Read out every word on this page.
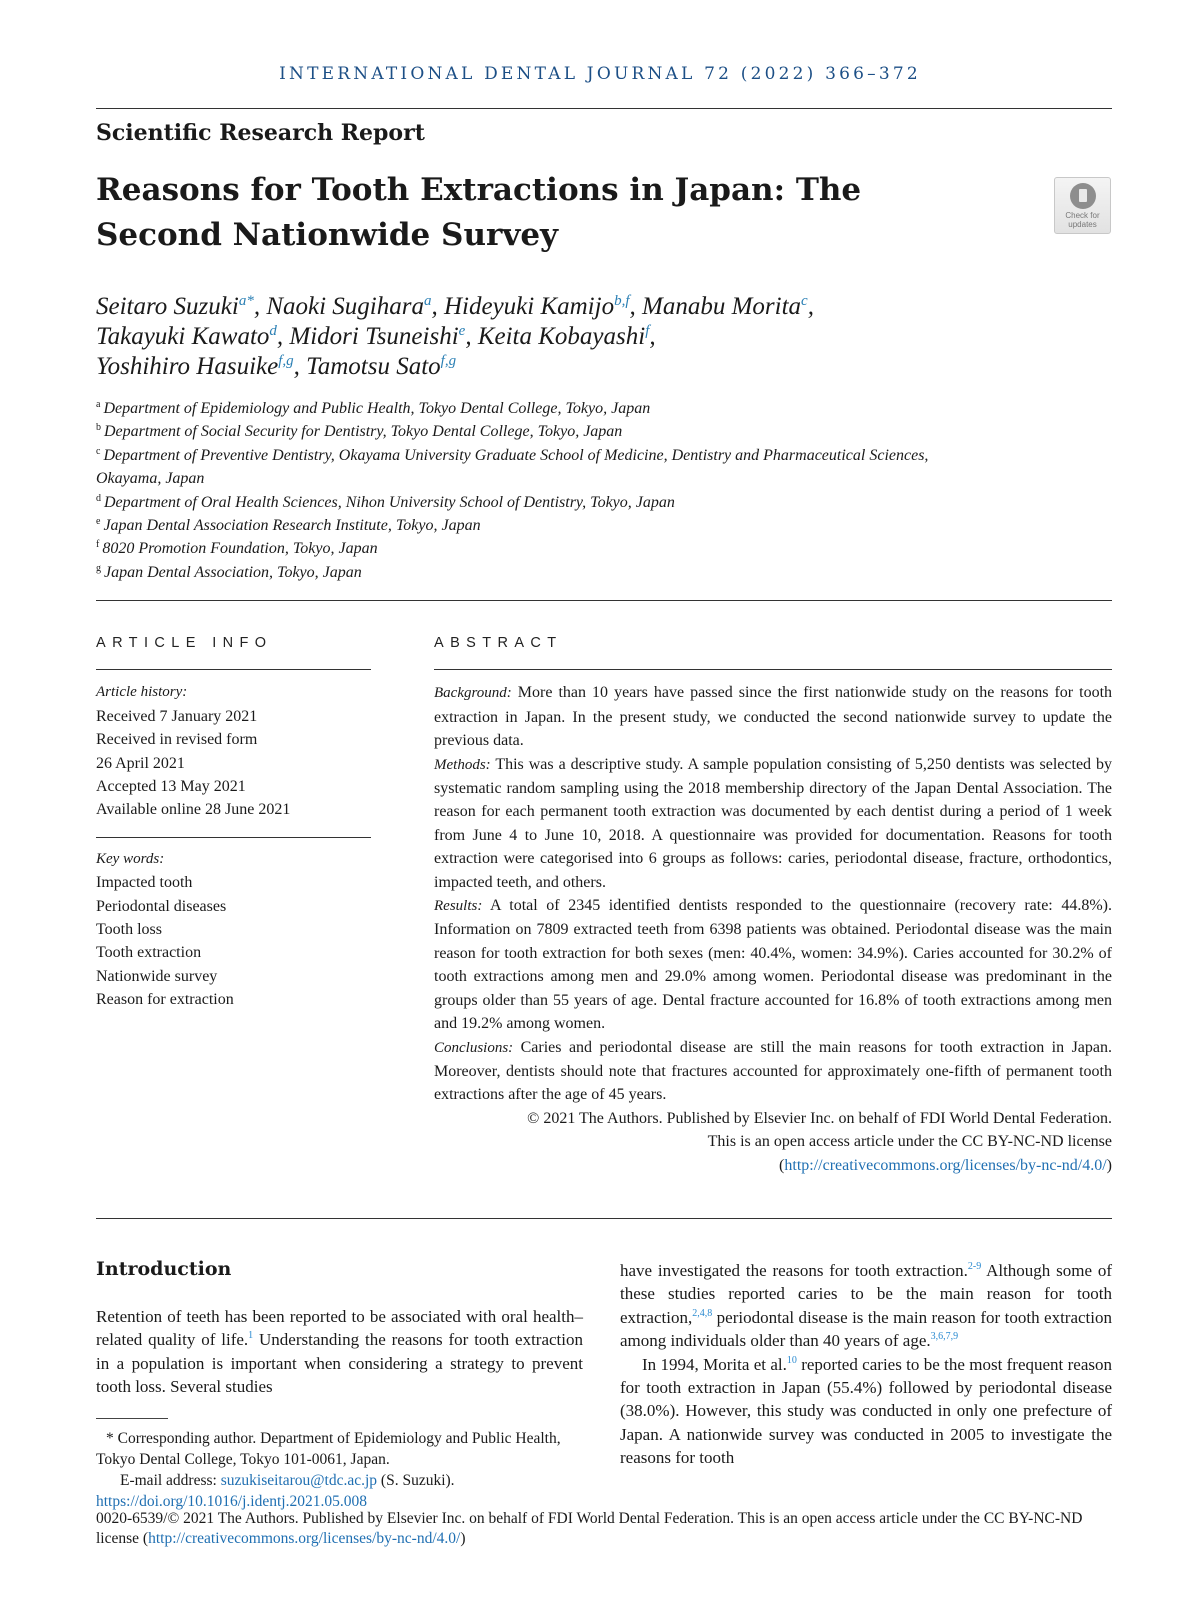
INTERNATIONAL DENTAL JOURNAL 72 (2022) 366–372
Scientific Research Report
Reasons for Tooth Extractions in Japan: The Second Nationwide Survey
Check for updates
Seitaro Suzuki$^{a*}$, Naoki Sugihara$^a$, Hideyuki Kamijo$^{b,f}$, Manabu Morita$^c$,
Takayuki Kawato$^d$, Midori Tsuneishi$^e$, Keita Kobayashi$^f$,
Yoshihiro Hasuike$^{f,g}$, Tamotsu Sato$^{f,g}$
$^a$ Department of Epidemiology and Public Health, Tokyo Dental College, Tokyo, Japan
$^b$ Department of Social Security for Dentistry, Tokyo Dental College, Tokyo, Japan
$^c$ Department of Preventive Dentistry, Okayama University Graduate School of Medicine, Dentistry and Pharmaceutical Sciences, Okayama, Japan
$^d$ Department of Oral Health Sciences, Nihon University School of Dentistry, Tokyo, Japan
$^e$ Japan Dental Association Research Institute, Tokyo, Japan
$^f$ 8020 Promotion Foundation, Tokyo, Japan
$^g$ Japan Dental Association, Tokyo, Japan
ARTICLE INFO
Article history:
Received 7 January 2021
Received in revised form
26 April 2021
Accepted 13 May 2021
Available online 28 June 2021
Key words:
Impacted tooth
Periodontal diseases
Tooth loss
Tooth extraction
Nationwide survey
Reason for extraction
ABSTRACT
Background: More than 10 years have passed since the first nationwide study on the reasons for tooth extraction in Japan. In the present study, we conducted the second nationwide survey to update the previous data.
Methods: This was a descriptive study. A sample population consisting of 5,250 dentists was selected by systematic random sampling using the 2018 membership directory of the Japan Dental Association. The reason for each permanent tooth extraction was documented by each dentist during a period of 1 week from June 4 to June 10, 2018. A questionnaire was provided for documentation. Reasons for tooth extraction were categorised into 6 groups as follows: caries, periodontal disease, fracture, orthodontics, impacted teeth, and others.
Results: A total of 2345 identified dentists responded to the questionnaire (recovery rate: 44.8%). Information on 7809 extracted teeth from 6398 patients was obtained. Periodontal disease was the main reason for tooth extraction for both sexes (men: 40.4%, women: 34.9%). Caries accounted for 30.2% of tooth extractions among men and 29.0% among women. Periodontal disease was predominant in the groups older than 55 years of age. Dental fracture accounted for 16.8% of tooth extractions among men and 19.2% among women.
Conclusions: Caries and periodontal disease are still the main reasons for tooth extraction in Japan. Moreover, dentists should note that fractures accounted for approximately one-fifth of permanent tooth extractions after the age of 45 years.
© 2021 The Authors. Published by Elsevier Inc. on behalf of FDI World Dental Federation.
This is an open access article under the CC BY-NC-ND license
(http://creativecommons.org/licenses/by-nc-nd/4.0/)
Introduction

Retention of teeth has been reported to be associated with oral health–related quality of life.$^1$ Understanding the reasons for tooth extraction in a population is important when considering a strategy to prevent tooth loss. Several studies

have investigated the reasons for tooth extraction.$^{2-9}$ Although some of these studies reported caries to be the main reason for tooth extraction,$^{2,4,8}$ periodontal disease is the main reason for tooth extraction among individuals older than 40 years of age.$^{3,6,7,9}$

In 1994, Morita et al.$^{10}$ reported caries to be the most frequent reason for tooth extraction in Japan (55.4%) followed by periodontal disease (38.0%). However, this study was conducted in only one prefecture of Japan. A nationwide survey was conducted in 2005 to investigate the reasons for tooth

* Corresponding author. Department of Epidemiology and Public Health, Tokyo Dental College, Tokyo 101-0061, Japan.
E-mail address: suzukiseitarou@tdc.ac.jp (S. Suzuki).
https://doi.org/10.1016/j.identj.2021.05.008
0020-6539/© 2021 The Authors. Published by Elsevier Inc. on behalf of FDI World Dental Federation. This is an open access article under the CC BY-NC-ND license (http://creativecommons.org/licenses/by-nc-nd/4.0/)
